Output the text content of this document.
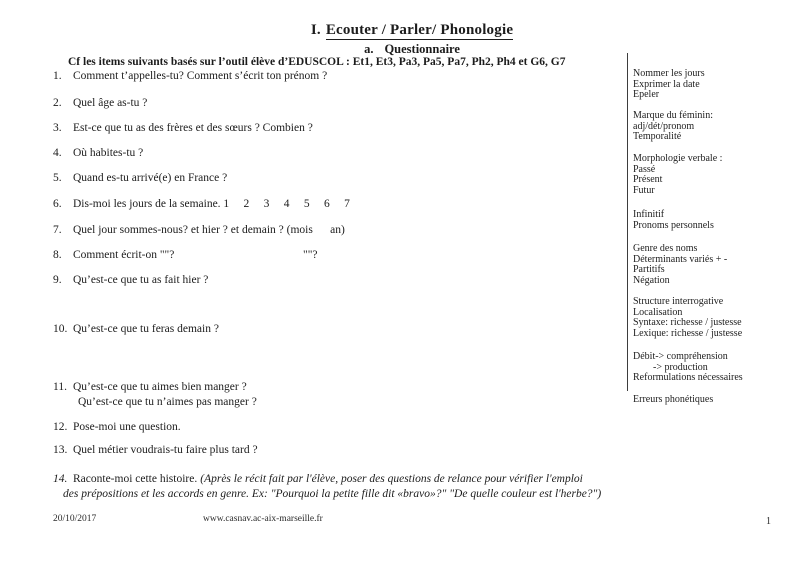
I. Ecouter / Parler/ Phonologie
a. Questionnaire
Cf les items suivants basés sur l’outil élève d’EDUSCOL : Et1, Et3, Pa3, Pa5, Pa7, Ph2, Ph4 et G6, G7
1. Comment t’appelles-tu? Comment s’écrit ton prénom ?
2. Quel âge as-tu ?
3. Est-ce que tu as des frères et des sœurs ? Combien ?
4. Où habites-tu ?
5. Quand es-tu arrivé(e) en France ?
6. Dis-moi les jours de la semaine. 1     2     3     4     5     6     7
7. Quel jour sommes-nous? et hier ? et demain ? (mois      an)
8. Comment écrit-on ""?	""?
9. Qu’est-ce que tu as fait hier ?
10. Qu’est-ce que tu feras demain ?
11. Qu’est-ce que tu aimes bien manger ?
Qu’est-ce que tu n’aimes pas manger ?
12. Pose-moi une question.
13. Quel métier voudrais-tu faire plus tard ?
14. Raconte-moi cette histoire. (Après le récit fait par l'élève, poser des questions de relance pour vérifier l'emploi
des prépositions et les accords en genre. Ex: "Pourquoi la petite fille dit «bravo»?" "De quelle couleur est l'herbe?")
Nommer les jours
Exprimer la date
Epeler
Marque du féminin:
adj/dét/pronom
Temporalité
Morphologie verbale :
Passé
Présent
Futur
Infinitif
Pronoms personnels
Genre des noms
Déterminants variés + -
Partitifs
Négation
Structure interrogative
Localisation
Syntaxe: richesse / justesse
Lexique: richesse / justesse
Débit-> compréhension
-> production
Reformulations nécessaires
Erreurs phonétiques
20/10/2017	www.casnav.ac-aix-marseille.fr	1
